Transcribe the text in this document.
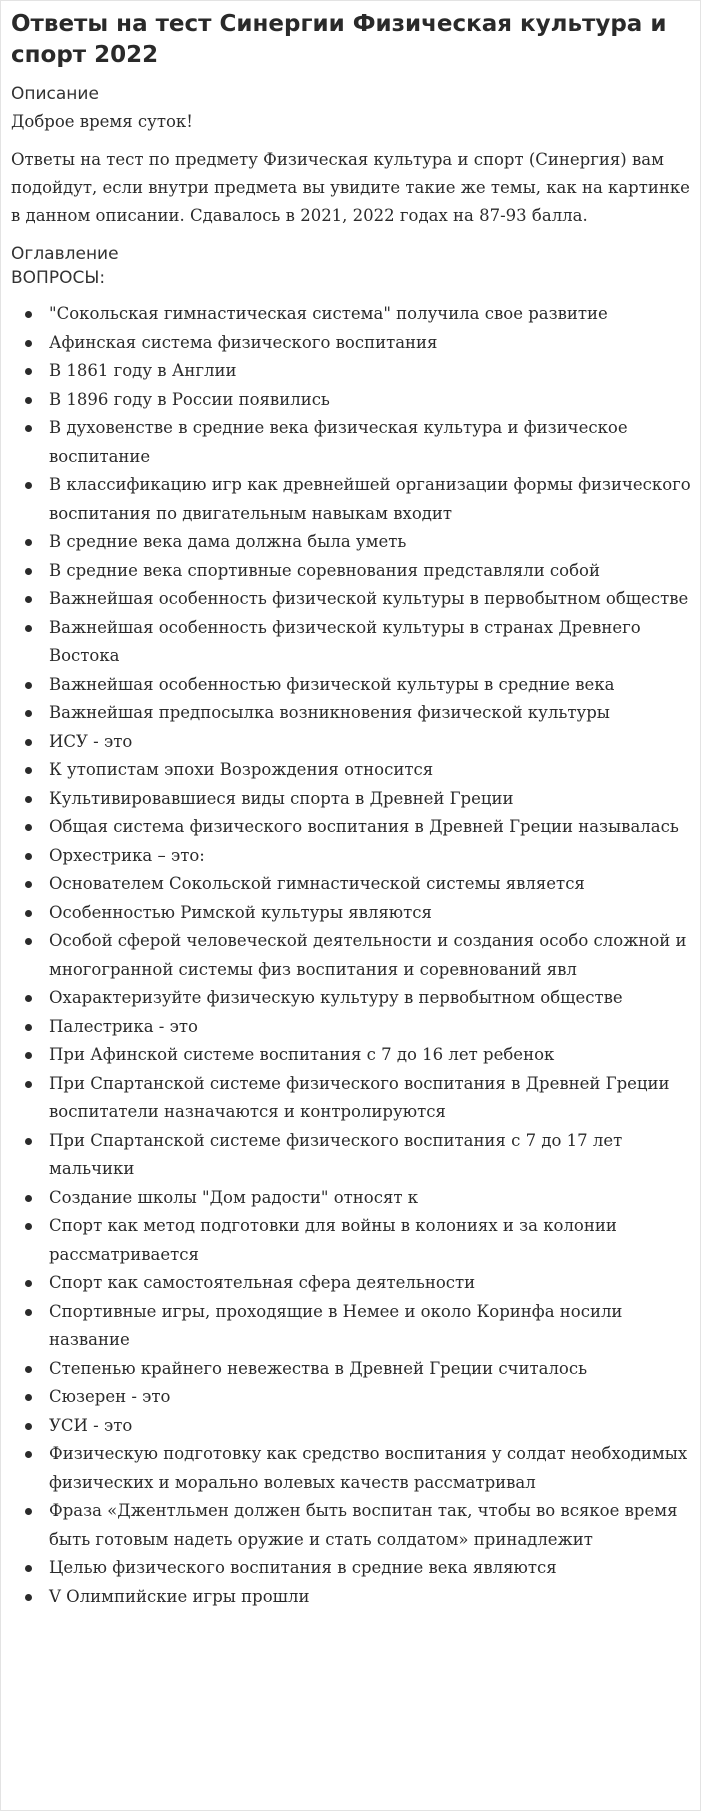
Ответы на тест Синергии Физическая культура и спорт 2022
Описание
Доброе время суток!
Ответы на тест по предмету Физическая культура и спорт (Синергия) вам подойдут, если внутри предмета вы увидите такие же темы, как на картинке в данном описании. Сдавалось в 2021, 2022 годах на 87-93 балла.
Оглавление
ВОПРОСЫ:
"Сокольская гимнастическая система" получила свое развитие
Афинская система физического воспитания
В 1861 году в Англии
В 1896 году в России появились
В духовенстве в средние века физическая культура и физическое воспитание
В классификацию игр как древнейшей организации формы физического воспитания по двигательным навыкам входит
В средние века дама должна была уметь
В средние века спортивные соревнования представляли собой
Важнейшая особенность физической культуры в первобытном обществе
Важнейшая особенность физической культуры в странах Древнего Востока
Важнейшая особенностью физической культуры в средние века
Важнейшая предпосылка возникновения физической культуры
ИСУ - это
К утопистам эпохи Возрождения относится
Культивировавшиеся виды спорта в Древней Греции
Общая система физического воспитания в Древней Греции называлась
Орхестрика – это:
Основателем Сокольской гимнастической системы является
Особенностью Римской культуры являются
Особой сферой человеческой деятельности и создания особо сложной и многогранной системы физ воспитания и соревнований явл
Охарактеризуйте физическую культуру в первобытном обществе
Палестрика - это
При Афинской системе воспитания с 7 до 16 лет ребенок
При Спартанской системе физического воспитания в Древней Греции воспитатели назначаются и контролируются
При Спартанской системе физического воспитания с 7 до 17 лет мальчики
Создание школы "Дом радости" относят к
Спорт как метод подготовки для войны в колониях и за колонии рассматривается
Спорт как самостоятельная сфера деятельности
Спортивные игры, проходящие в Немее и около Коринфа носили название
Степенью крайнего невежества в Древней Греции считалось
Сюзерен - это
УСИ - это
Физическую подготовку как средство воспитания у солдат необходимых физических и морально волевых качеств рассматривал
Фраза «Джентльмен должен быть воспитан так, чтобы во всякое время быть готовым надеть оружие и стать солдатом» принадлежит
Целью физического воспитания в средние века являются
V Олимпийские игры прошли
